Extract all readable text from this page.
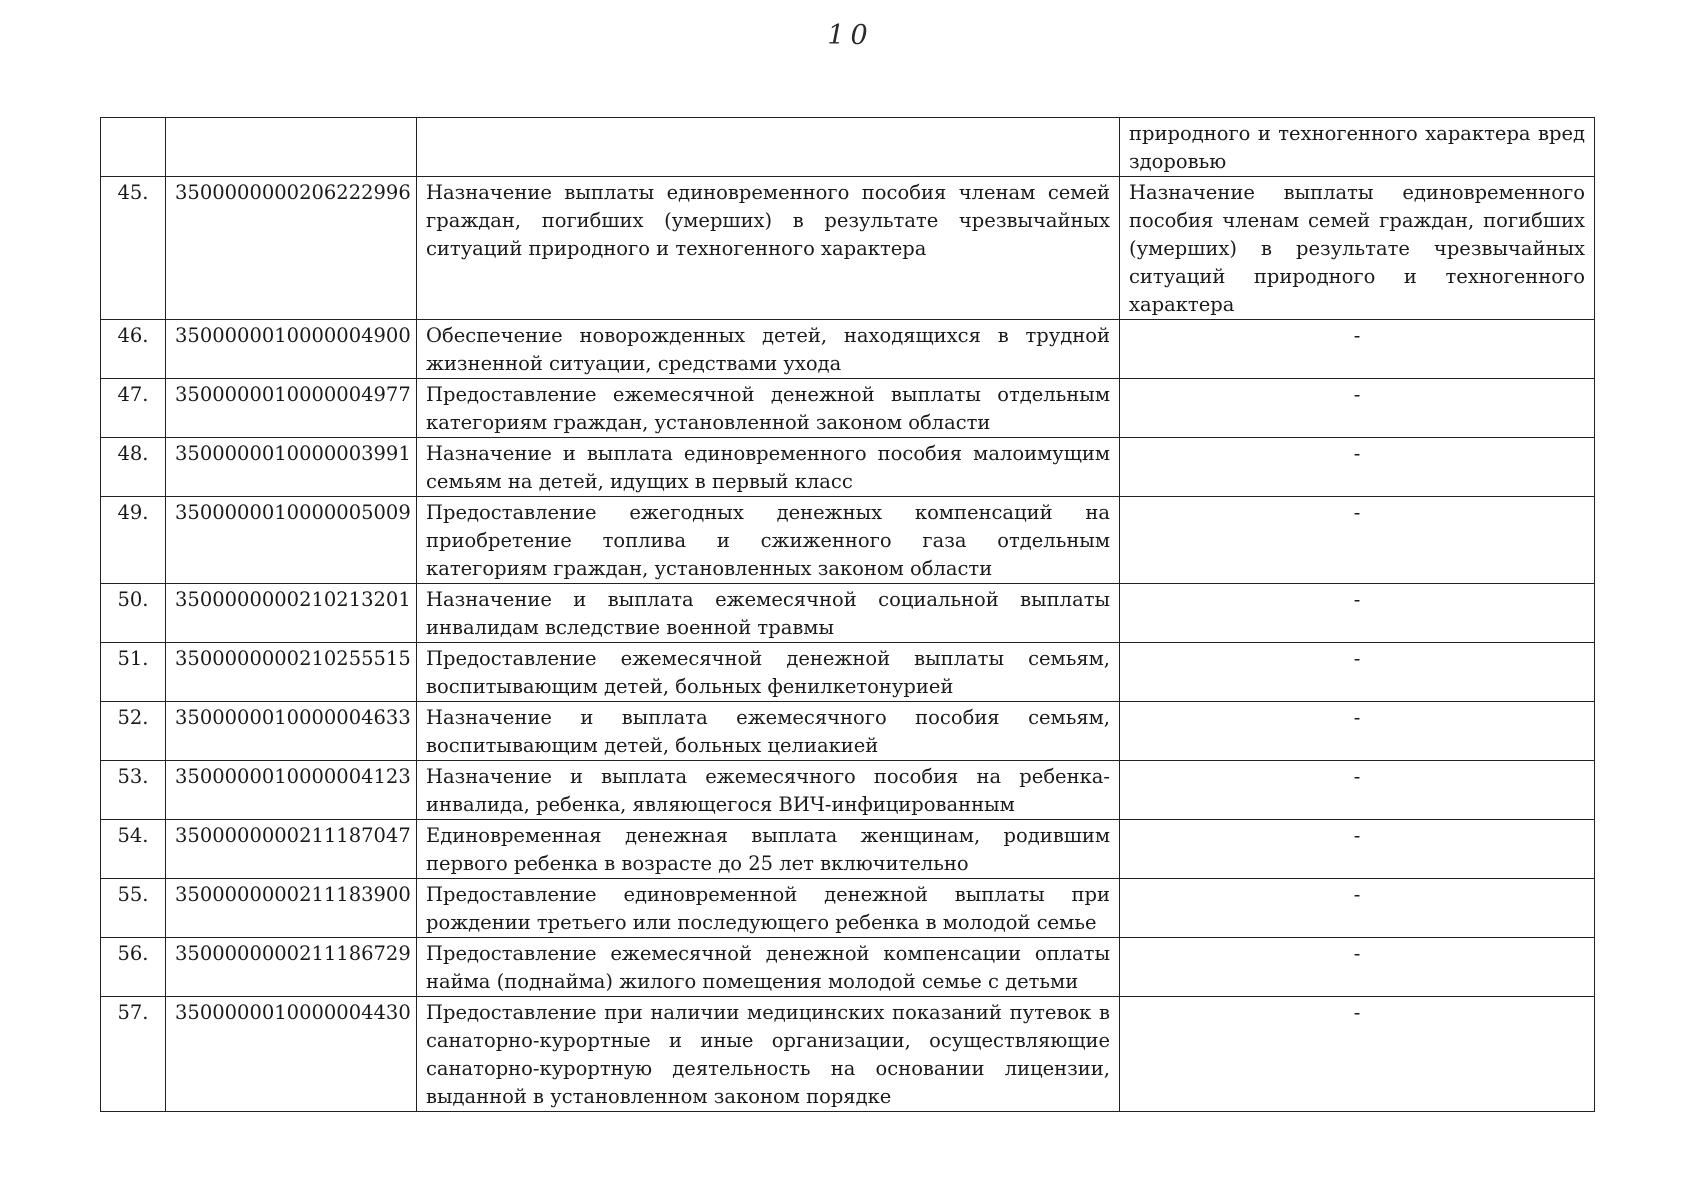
10
			природного и техногенного характера вред здоровью
45.	3500000000206222996	Назначение выплаты единовременного пособия членам семей граждан, погибших (умерших) в результате чрезвычайных ситуаций природного и техногенного характера	Назначение выплаты единовременного пособия членам семей граждан, погибших (умерших) в результате чрезвычайных ситуаций природного и техногенного характера
46.	3500000010000004900	Обеспечение новорожденных детей, находящихся в трудной жизненной ситуации, средствами ухода	-
47.	3500000010000004977	Предоставление ежемесячной денежной выплаты отдельным категориям граждан, установленной законом области	-
48.	3500000010000003991	Назначение и выплата единовременного пособия малоимущим семьям на детей, идущих в первый класс	-
49.	3500000010000005009	Предоставление ежегодных денежных компенсаций на приобретение топлива и сжиженного газа отдельным категориям граждан, установленных законом области	-
50.	3500000000210213201	Назначение и выплата ежемесячной социальной выплаты инвалидам вследствие военной травмы	-
51.	3500000000210255515	Предоставление ежемесячной денежной выплаты семьям, воспитывающим детей, больных фенилкетонурией	-
52.	3500000010000004633	Назначение и выплата ежемесячного пособия семьям, воспитывающим детей, больных целиакией	-
53.	3500000010000004123	Назначение и выплата ежемесячного пособия на ребенка-инвалида, ребенка, являющегося ВИЧ-инфицированным	-
54.	3500000000211187047	Единовременная денежная выплата женщинам, родившим первого ребенка в возрасте до 25 лет включительно	-
55.	3500000000211183900	Предоставление единовременной денежной выплаты при рождении третьего или последующего ребенка в молодой семье	-
56.	3500000000211186729	Предоставление ежемесячной денежной компенсации оплаты найма (поднайма) жилого помещения молодой семье с детьми	-
57.	3500000010000004430	Предоставление при наличии медицинских показаний путевок в санаторно-курортные и иные организации, осуществляющие санаторно-курортную деятельность на основании лицензии, выданной в установленном законом порядке	-
